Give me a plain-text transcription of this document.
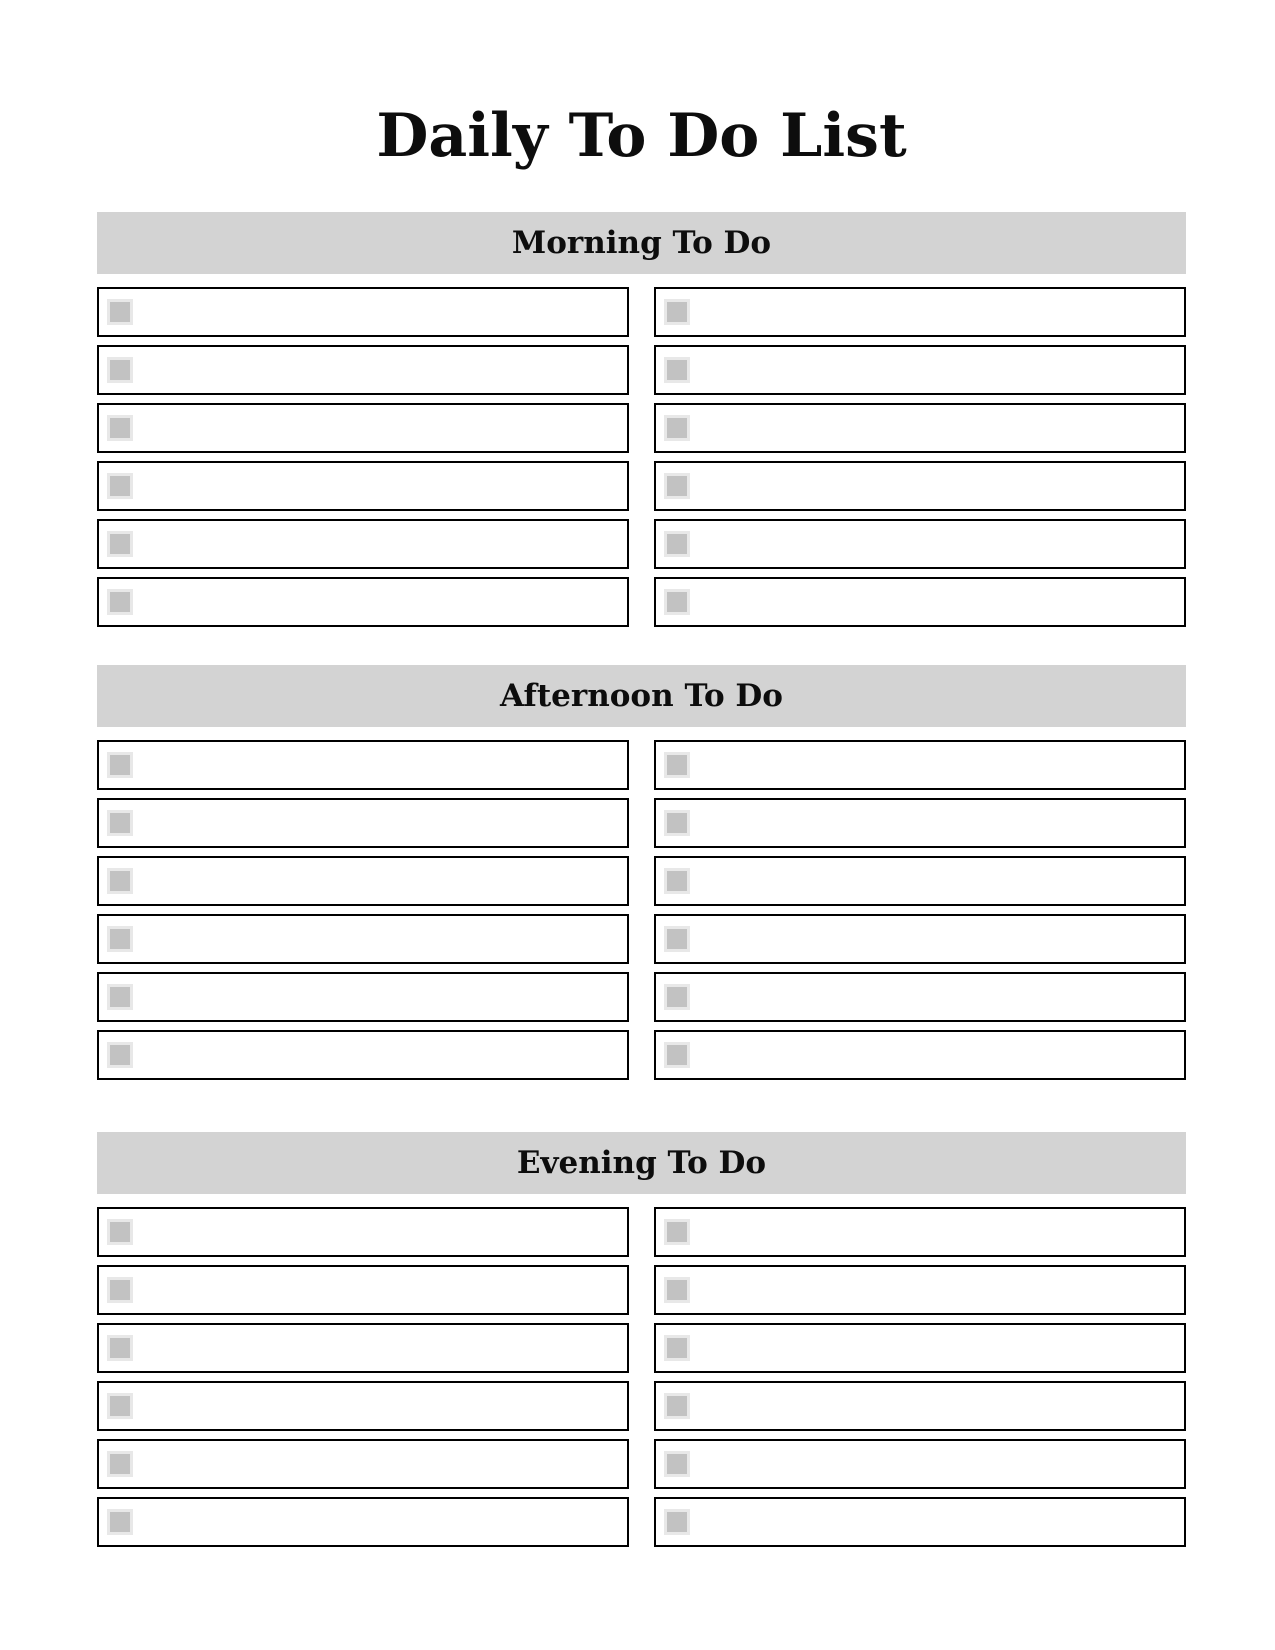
Daily To Do List
Morning To Do
Afternoon To Do
Evening To Do
